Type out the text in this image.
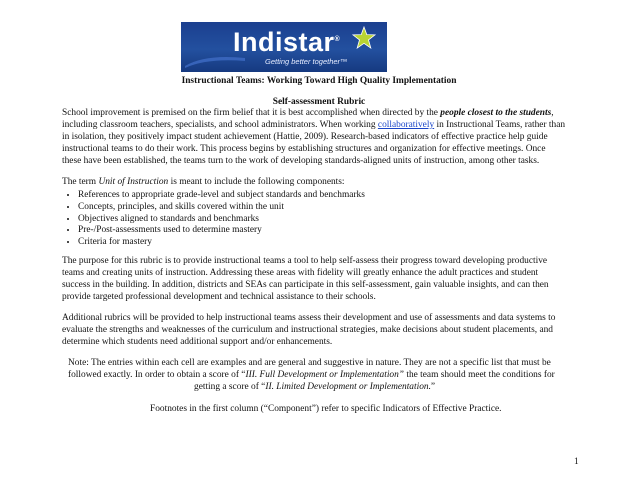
Indistar®
Getting better together™
Instructional Teams: Working Toward High Quality Implementation
Self-assessment Rubric
School improvement is premised on the firm belief that it is best accomplished when directed by the people closest to the students,
including classroom teachers, specialists, and school administrators. When working collaboratively in Instructional Teams, rather than
in isolation, they positively impact student achievement (Hattie, 2009). Research-based indicators of effective practice help guide
instructional teams to do their work. This process begins by establishing structures and organization for effective meetings. Once
these have been established, the teams turn to the work of developing standards-aligned units of instruction, among other tasks.
The term Unit of Instruction is meant to include the following components:
• References to appropriate grade-level and subject standards and benchmarks
• Concepts, principles, and skills covered within the unit
• Objectives aligned to standards and benchmarks
• Pre-/Post-assessments used to determine mastery
• Criteria for mastery
The purpose for this rubric is to provide instructional teams a tool to help self-assess their progress toward developing productive
teams and creating units of instruction. Addressing these areas with fidelity will greatly enhance the adult practices and student
success in the building. In addition, districts and SEAs can participate in this self-assessment, gain valuable insights, and can then
provide targeted professional development and technical assistance to their schools.
Additional rubrics will be provided to help instructional teams assess their development and use of assessments and data systems to
evaluate the strengths and weaknesses of the curriculum and instructional strategies, make decisions about student placements, and
determine which students need additional support and/or enhancements.
Note: The entries within each cell are examples and are general and suggestive in nature. They are not a specific list that must be
followed exactly. In order to obtain a score of “III. Full Development or Implementation” the team should meet the conditions for
getting a score of “II. Limited Development or Implementation.”
Footnotes in the first column (“Component”) refer to specific Indicators of Effective Practice.
1
